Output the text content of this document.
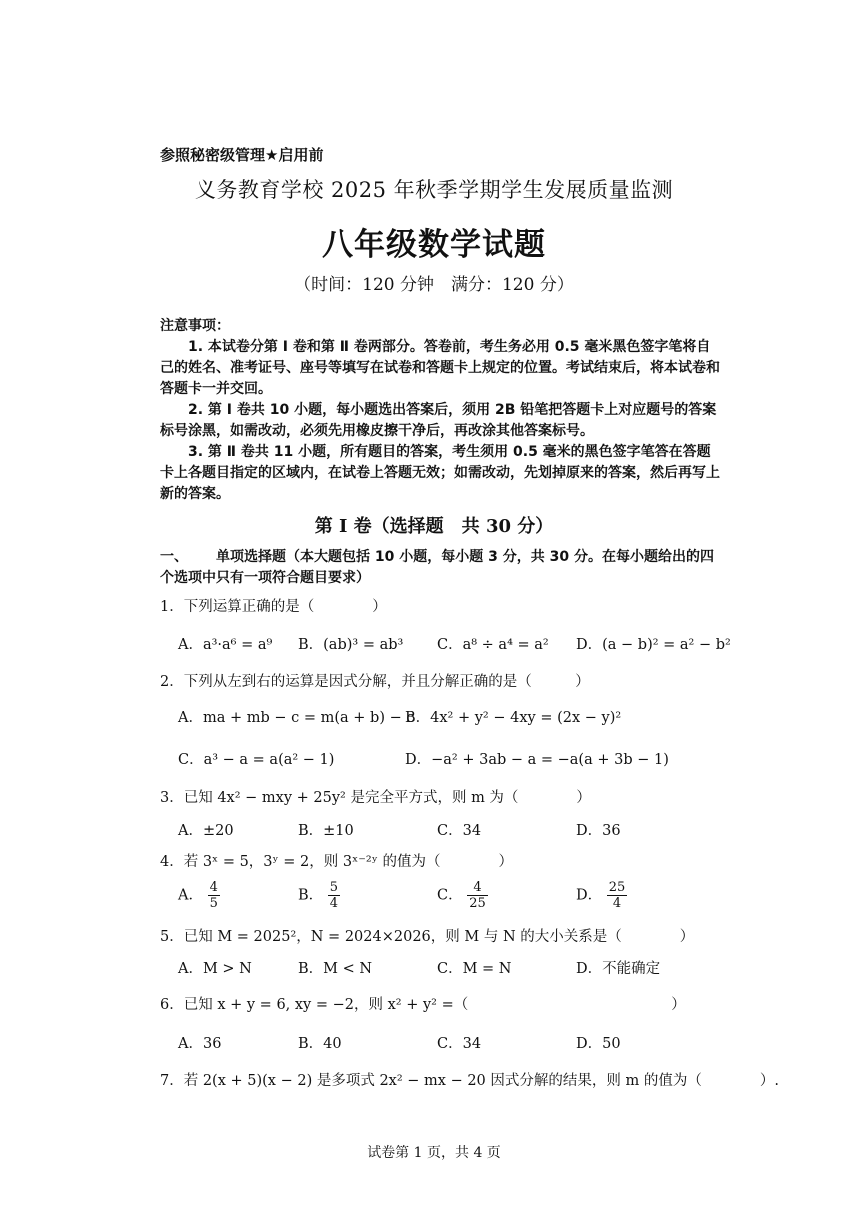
参照秘密级管理★启用前
义务教育学校 2025 年秋季学期学生发展质量监测
八年级数学试题
（时间：120 分钟　满分：120 分）
注意事项：
1. 本试卷分第 Ⅰ 卷和第 Ⅱ 卷两部分。答卷前，考生务必用 0.5 毫米黑色签字笔将自己的姓名、准考证号、座号等填写在试卷和答题卡上规定的位置。考试结束后，将本试卷和答题卡一并交回。
2. 第 Ⅰ 卷共 10 小题，每小题选出答案后，须用 2B 铅笔把答题卡上对应题号的答案标号涂黑，如需改动，必须先用橡皮擦干净后，再改涂其他答案标号。
3. 第 Ⅱ 卷共 11 小题，所有题目的答案，考生须用 0.5 毫米的黑色签字笔答在答题卡上各题目指定的区域内，在试卷上答题无效；如需改动，先划掉原来的答案，然后再写上新的答案。
第 I 卷（选择题　共 30 分）
一、 单项选择题（本大题包括 10 小题，每小题 3 分，共 30 分。在每小题给出的四个选项中只有一项符合题目要求）
1．下列运算正确的是（　　　　）
A．a³·a⁶ = a⁹ B．(ab)³ = ab³ C．a⁸ ÷ a⁴ = a² D．(a − b)² = a² − b²
2．下列从左到右的运算是因式分解，并且分解正确的是（　　　）
A．ma + mb − c = m(a + b) − c
B．4x² + y² − 4xy = (2x − y)²
C．a³ − a = a(a² − 1)	D．−a² + 3ab − a = −a(a + 3b − 1)
3．已知 4x² − mxy + 25y² 是完全平方式，则 m 为（　　　　）
A．±20	B．±10	C．34	D．36
4．若 3ˣ = 5，3ʸ = 2，则 3ˣ⁻²ʸ 的值为（　　　　）
A． $\frac{4}{5}$	B． $\frac{5}{4}$	C． $\frac{4}{25}$	D． $\frac{25}{4}$
5．已知 M = 2025²，N = 2024×2026，则 M 与 N 的大小关系是（　　　　）
A．M > N	B．M < N	C．M = N	D．不能确定
6．已知 x + y = 6, xy = −2，则 x² + y² =（　　　　　　　　　　　　　　）
A．36	B．40	C．34	D．50
7．若 2(x + 5)(x − 2) 是多项式 2x² − mx − 20 因式分解的结果，则 m 的值为（　　　　）.
试卷第 1 页，共 4 页
